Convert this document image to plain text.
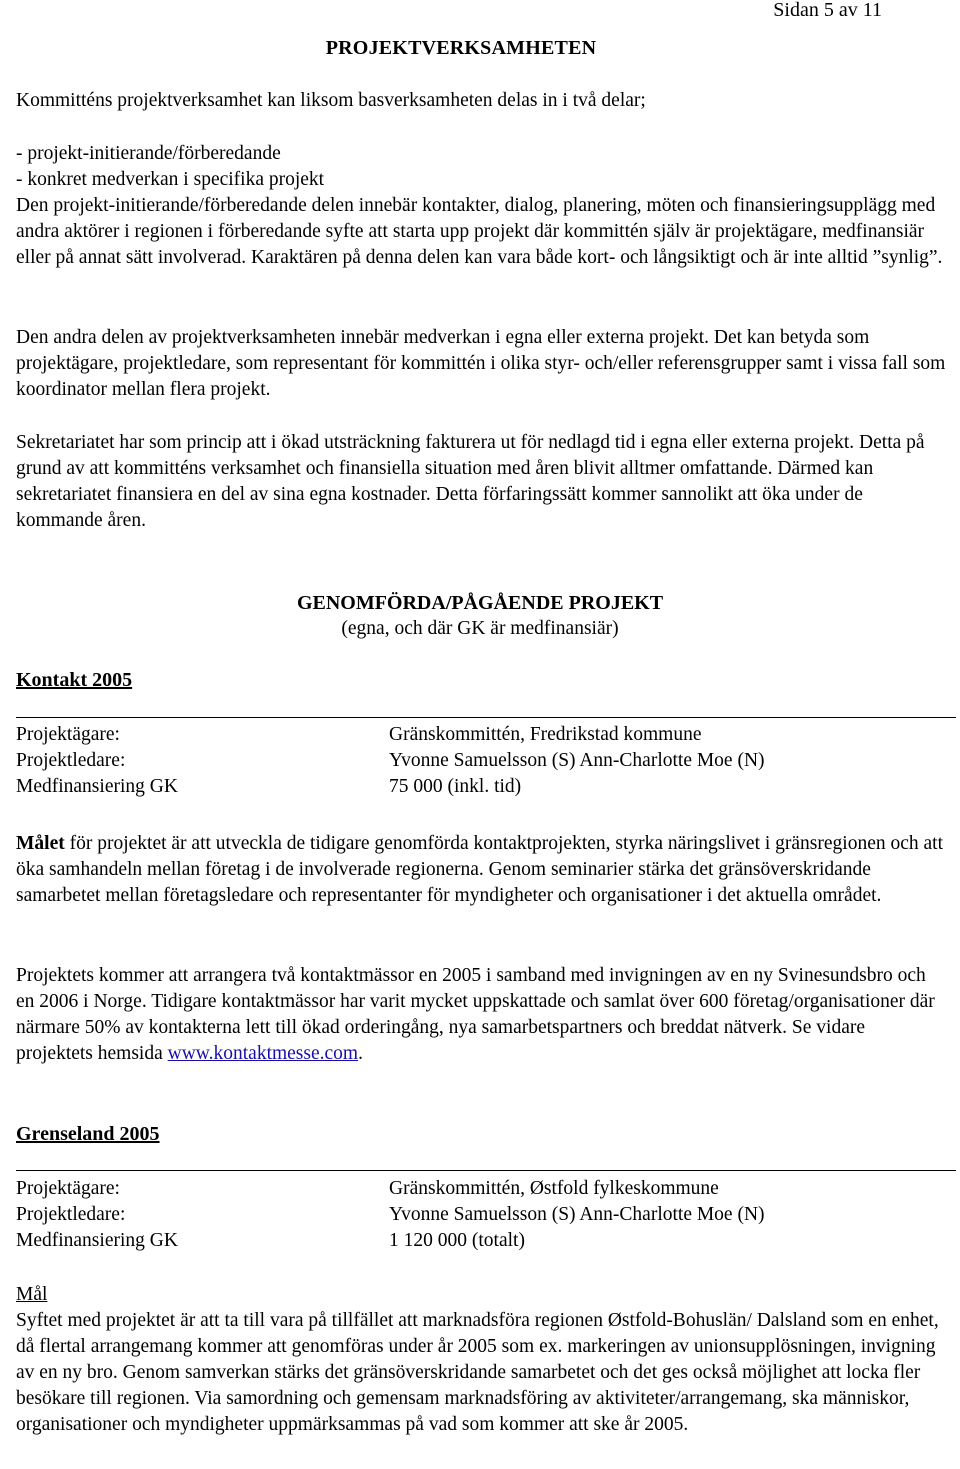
Sidan 5 av 11
PROJEKTVERKSAMHETEN
Kommitténs projektverksamhet kan liksom basverksamheten delas in i två delar;

- projekt-initierande/förberedande

- konkret medverkan i specifika projekt

Den projekt-initierande/förberedande delen innebär kontakter, dialog, planering, möten och finansieringsupplägg med andra aktörer i regionen i förberedande syfte att starta upp projekt där kommittén själv är projektägare, medfinansiär eller på annat sätt involverad. Karaktären på denna delen kan vara både kort- och långsiktigt och är inte alltid ”synlig”.

Den andra delen av projektverksamheten innebär medverkan i egna eller externa projekt. Det kan betyda som projektägare, projektledare, som representant för kommittén i olika styr- och/eller referensgrupper samt i vissa fall som koordinator mellan flera projekt.
Sekretariatet har som princip att i ökad utsträckning fakturera ut för nedlagd tid i egna eller externa projekt. Detta på grund av att kommitténs verksamhet och finansiella situation med åren blivit alltmer omfattande. Därmed kan sekretariatet finansiera en del av sina egna kostnader. Detta förfaringssätt kommer sannolikt att öka under de kommande åren.
GENOMFÖRDA/PÅGÅENDE PROJEKT
(egna, och där GK är medfinansiär)
Kontakt 2005
Projektägare:	Gränskommittén, Fredrikstad kommune
Projektledare:	Yvonne Samuelsson (S) Ann-Charlotte Moe (N)
Medfinansiering GK	75 000 (inkl. tid)
Målet för projektet är att utveckla de tidigare genomförda kontaktprojekten, styrka näringslivet i gränsregionen och att öka samhandeln mellan företag i de involverade regionerna. Genom seminarier stärka det gränsöverskridande samarbetet mellan företagsledare och representanter för myndigheter och organisationer i det aktuella området.
Projektets kommer att arrangera två kontaktmässor en 2005 i samband med invigningen av en ny Svinesundsbro och en 2006 i Norge. Tidigare kontaktmässor har varit mycket uppskattade och samlat över 600 företag/organisationer där närmare 50% av kontakterna lett till ökad orderingång, nya samarbetspartners och breddat nätverk. Se vidare projektets hemsida www.kontaktmesse.com.
Grenseland 2005
Projektägare:	Gränskommittén, Østfold fylkeskommune
Projektledare:	Yvonne Samuelsson (S) Ann-Charlotte Moe (N)
Medfinansiering GK	1 120 000 (totalt)

Mål

Syftet med projektet är att ta till vara på tillfället att marknadsföra regionen Østfold-Bohuslän/ Dalsland som en enhet, då flertal arrangemang kommer att genomföras under år 2005 som ex. markeringen av unionsupplösningen, invigning av en ny bro. Genom samverkan stärks det gränsöverskridande samarbetet och det ges också möjlighet att locka fler besökare till regionen. Via samordning och gemensam marknadsföring av aktiviteter/arrangemang, ska människor, organisationer och myndigheter uppmärksammas på vad som kommer att ske år 2005.
